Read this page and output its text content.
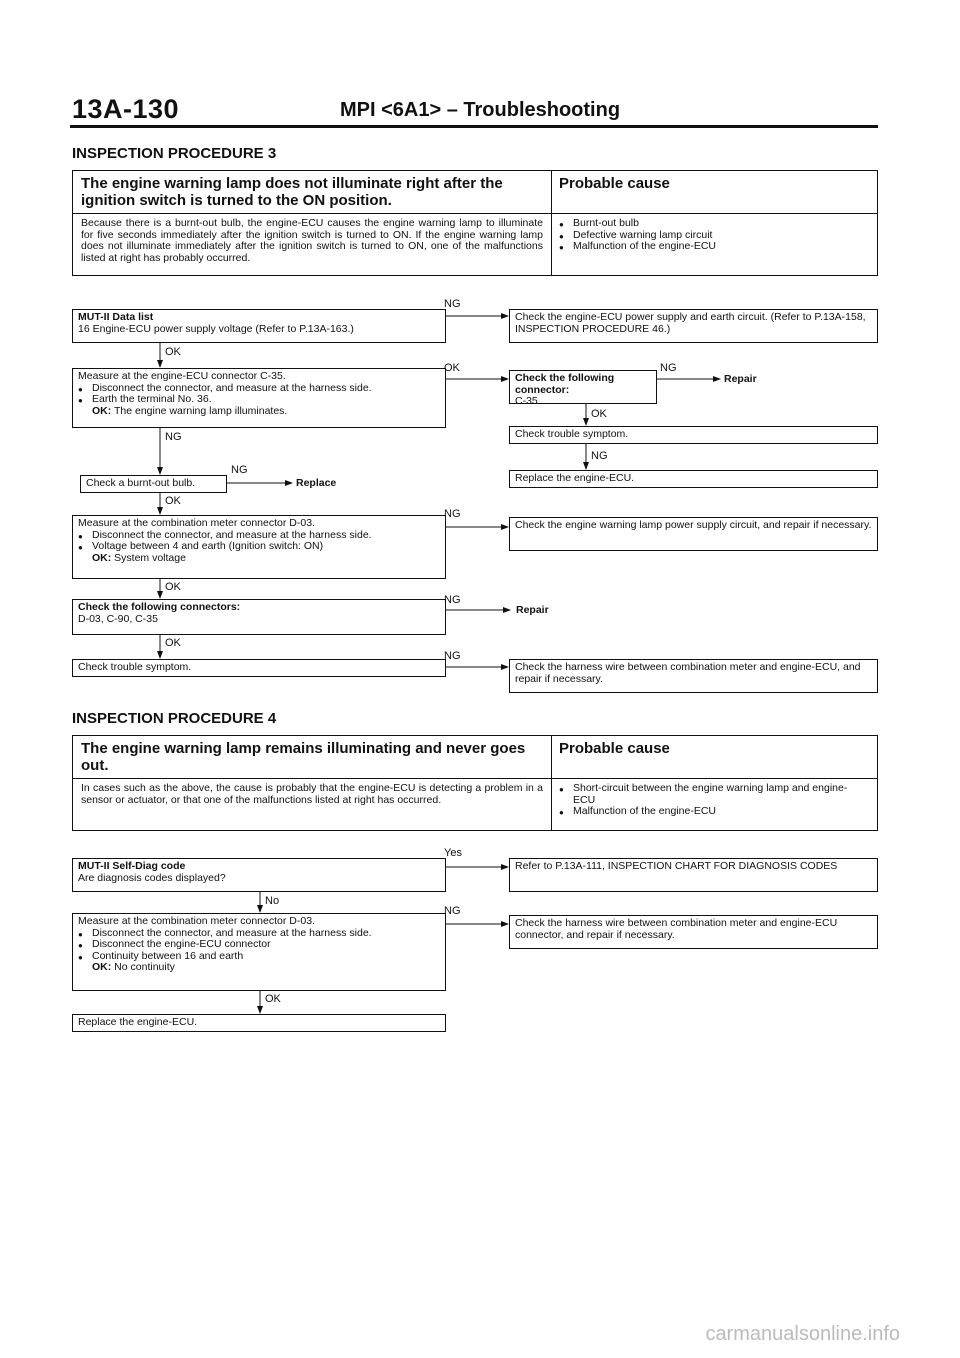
13A-130	MPI <6A1> – Troubleshooting
INSPECTION PROCEDURE 3
The engine warning lamp does not illuminate right after the ignition switch is turned to the ON position.
Probable cause
Because there is a burnt-out bulb, the engine-ECU causes the engine warning lamp to illuminate for five seconds immediately after the ignition switch is turned to ON. If the engine warning lamp does not illuminate immediately after the ignition switch is turned to ON, one of the malfunctions listed at right has probably occurred.
● Burnt-out bulb
● Defective warning lamp circuit
● Malfunction of the engine-ECU
MUT-II Data list
16 Engine-ECU power supply voltage (Refer to P.13A-163.)
NG
Check the engine-ECU power supply and earth circuit. (Refer to P.13A-158, INSPECTION PROCEDURE 46.)
OK
Measure at the engine-ECU connector C-35.
● Disconnect the connector, and measure at the harness side.
● Earth the terminal No. 36.
OK: The engine warning lamp illuminates.
OK
Check the following connector:
C-35.
NG
Repair
OK
Check trouble symptom.
NG
Replace the engine-ECU.
NG
Check a burnt-out bulb.
NG
Replace
OK
Measure at the combination meter connector D-03.
● Disconnect the connector, and measure at the harness side.
● Voltage between 4 and earth (Ignition switch: ON)
OK: System voltage
NG
Check the engine warning lamp power supply circuit, and repair if necessary.
OK
Check the following connectors:
D-03, C-90, C-35
NG
Repair
OK
Check trouble symptom.
NG
Check the harness wire between combination meter and engine-ECU, and repair if necessary.
INSPECTION PROCEDURE 4
The engine warning lamp remains illuminating and never goes out.
Probable cause
In cases such as the above, the cause is probably that the engine-ECU is detecting a problem in a sensor or actuator, or that one of the malfunctions listed at right has occurred.
● Short-circuit between the engine warning lamp and engine-ECU
● Malfunction of the engine-ECU
MUT-II Self-Diag code
Are diagnosis codes displayed?
Yes
Refer to P.13A-111, INSPECTION CHART FOR DIAGNOSIS CODES
No
Measure at the combination meter connector D-03.
● Disconnect the connector, and measure at the harness side.
● Disconnect the engine-ECU connector
● Continuity between 16 and earth
OK: No continuity
NG
Check the harness wire between combination meter and engine-ECU connector, and repair if necessary.
OK
Replace the engine-ECU.
carmanualsonline.info
